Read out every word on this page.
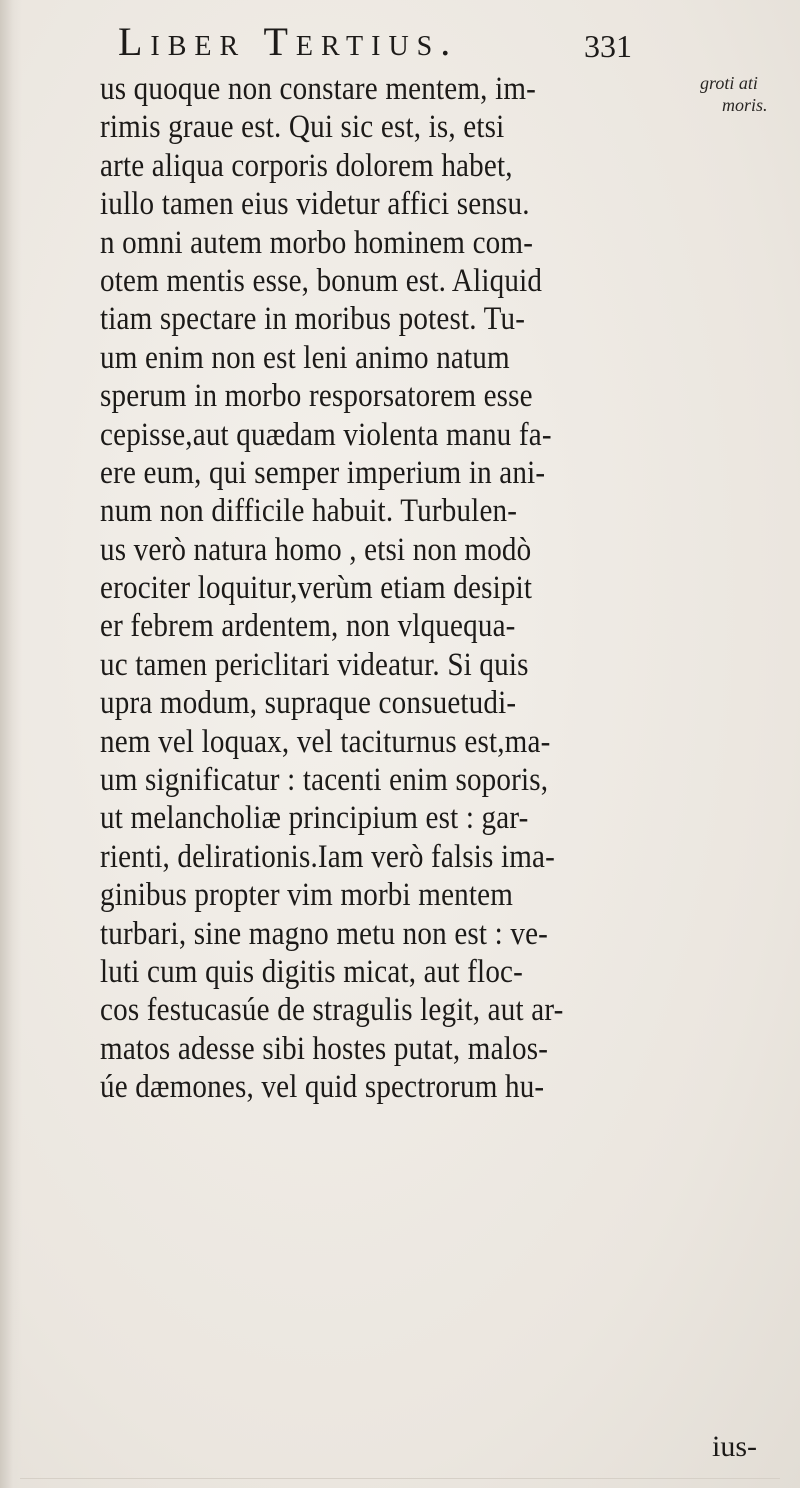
Liber Tertius.	331
groti ati
moris.
us quoque non constare mentem, im-
rimis graue est. Qui sic est, is, etsi
arte aliqua corporis dolorem habet,
iullo tamen eius videtur affici sensu.
n omni autem morbo hominem com-
otem mentis esse, bonum est. Aliquid
tiam spectare in moribus potest. Tu-
um enim non est leni animo natum
sperum in morbo resporsatorem esse
cepisse,aut quædam violenta manu fa-
ere eum, qui semper imperium in ani-
num non difficile habuit. Turbulen-
us verò natura homo , etsi non modò
erociter loquitur,verùm etiam desipit
er febrem ardentem, non vlquequa-
uc tamen periclitari videatur. Si quis
upra modum, supraque consuetudi-
nem vel loquax, vel taciturnus est,ma-
um significatur : tacenti enim soporis,
ut melancholiæ principium est : gar-
rienti, delirationis.Iam verò falsis ima-
ginibus propter vim morbi mentem
turbari, sine magno metu non est : ve-
luti cum quis digitis micat, aut floc-
cos festucasúe de stragulis legit, aut ar-
matos adesse sibi hostes putat, malos-
úe dæmones, vel quid spectrorum hu-
ius-
